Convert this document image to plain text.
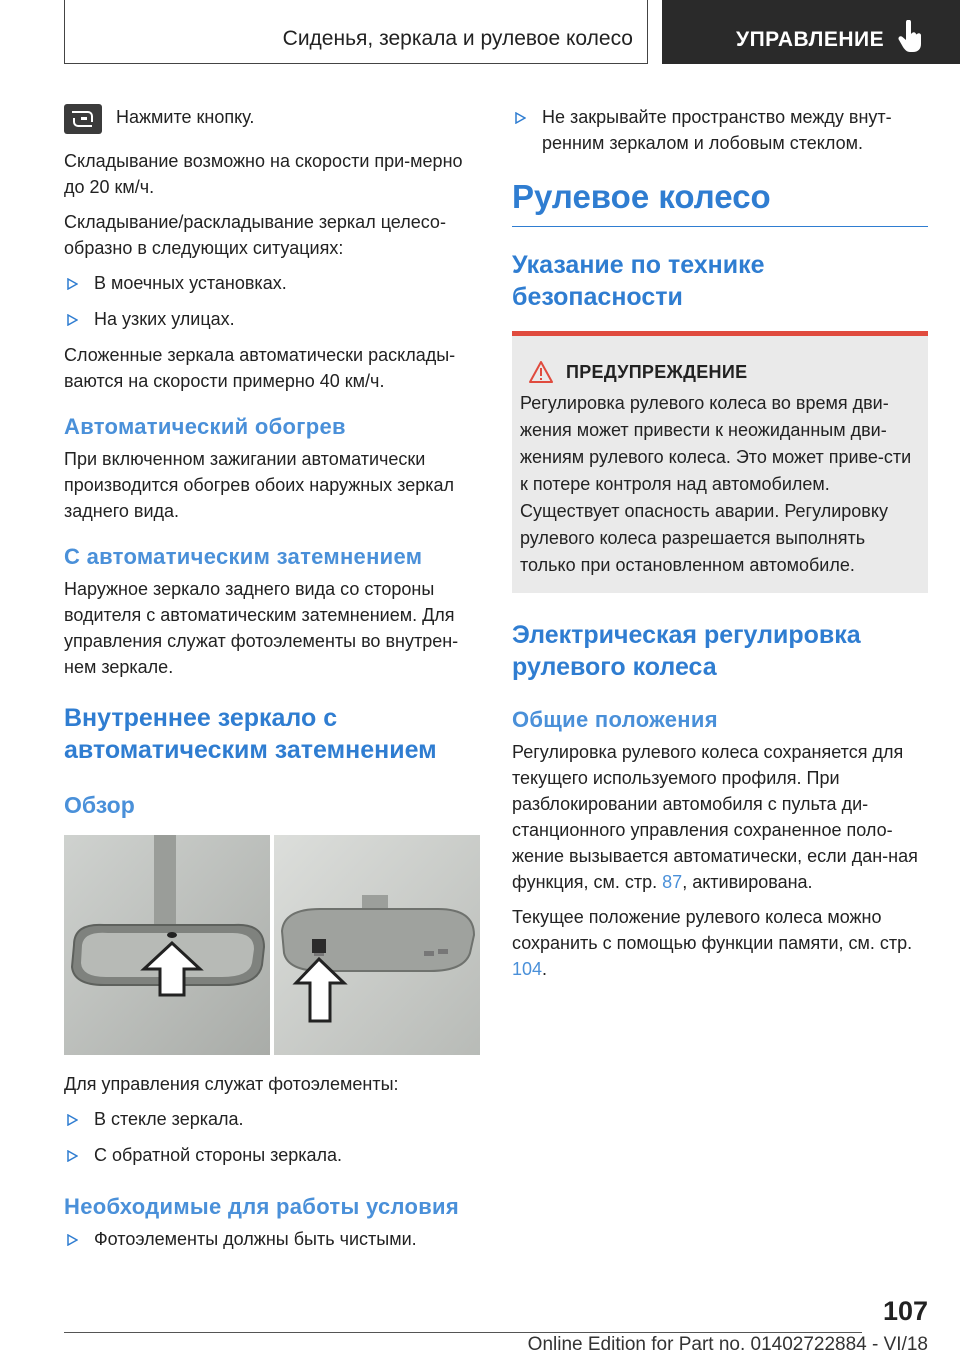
Сиденья, зеркала и рулевое колесо	УПРАВЛЕНИЕ

Нажмите кнопку.

Складывание возможно на скорости при-мерно до 20 км/ч.

Складывание/раскладывание зеркал целесо-образно в следующих ситуациях:

В моечных установках.
На узких улицах.

Сложенные зеркала автоматически расклады-ваются на скорости примерно 40 км/ч.

Автоматический обогрев

При включенном зажигании автоматически производится обогрев обоих наружных зеркал заднего вида.

С автоматическим затемнением

Наружное зеркало заднего вида со стороны водителя с автоматическим затемнением. Для управления служат фотоэлементы во внутрен-нем зеркале.

Внутреннее зеркало с автоматическим затемнением
Обзор

Для управления служат фотоэлементы:

В стекле зеркала.
С обратной стороны зеркала.
Необходимые для работы условия
Фотоэлементы должны быть чистыми.
Не закрывайте пространство между внут-ренним зеркалом и лобовым стеклом.
Рулевое колесо
Указание по технике безопасности
ПРЕДУПРЕЖДЕНИЕ

Регулировка рулевого колеса во время дви-жения может привести к неожиданным дви-жениям рулевого колеса. Это может приве-сти к потере контроля над автомобилем. Существует опасность аварии. Регулировку рулевого колеса разрешается выполнять только при остановленном автомобиле.

Электрическая регулировка рулевого колеса
Общие положения

Регулировка рулевого колеса сохраняется для текущего используемого профиля. При разблокировании автомобиля с пульта ди-станционного управления сохраненное поло-жение вызывается автоматически, если дан-ная функция, см. стр. 87, активирована.

Текущее положение рулевого колеса можно сохранить с помощью функции памяти, см. стр. 104.

107
Online Edition for Part no. 01402722884 - VI/18
